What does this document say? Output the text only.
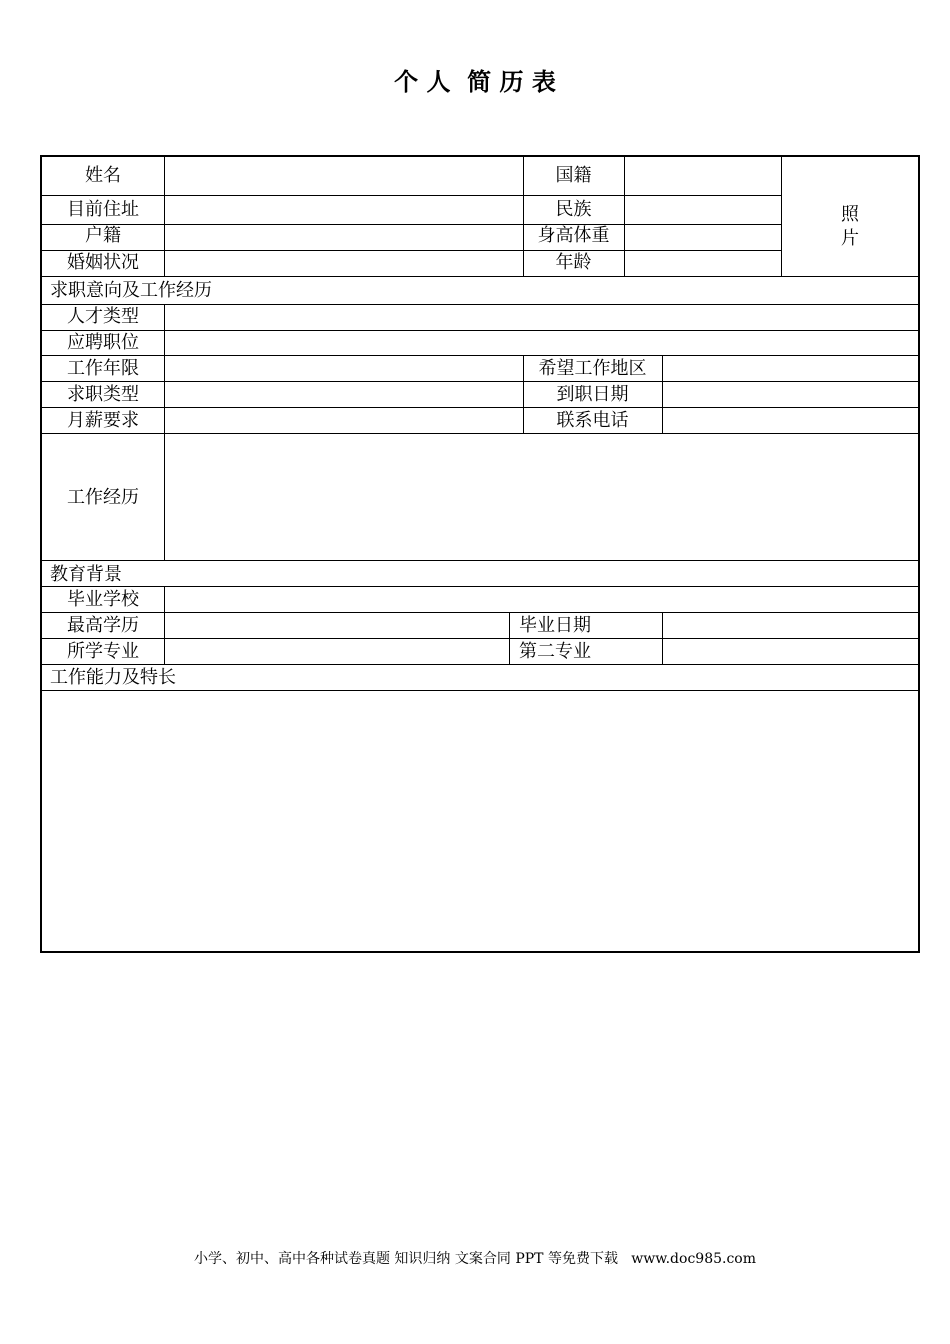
个 人  简 历 表
姓名	国籍
目前住址	民族
户籍	身高体重
婚姻状况	年龄
照
片
求职意向及工作经历
人才类型
应聘职位
工作年限	希望工作地区
求职类型	到职日期
月薪要求	联系电话
工作经历
教育背景
毕业学校
最高学历	毕业日期
所学专业	第二专业
工作能力及特长
小学、初中、高中各种试卷真题 知识归纳 文案合同 PPT 等免费下载   www.doc985.com
